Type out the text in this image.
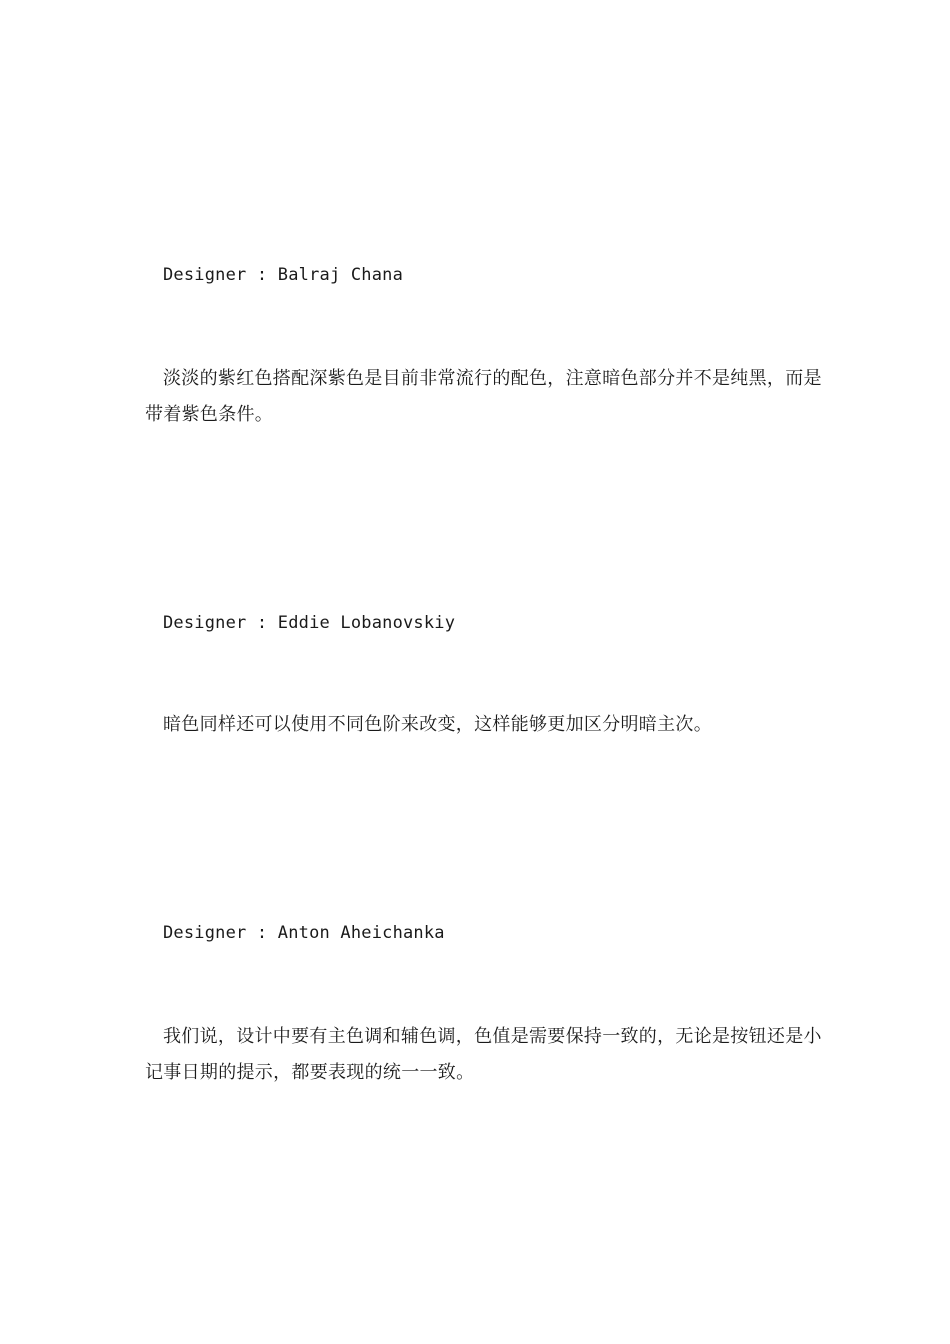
Designer : Balraj Chana

淡淡的紫红色搭配深紫色是目前非常流行的配色，注意暗色部分并不是纯黑，而是带着紫色条件。

Designer : Eddie Lobanovskiy

暗色同样还可以使用不同色阶来改变，这样能够更加区分明暗主次。

Designer : Anton Aheichanka

我们说，设计中要有主色调和辅色调，色值是需要保持一致的，无论是按钮还是小记事日期的提示，都要表现的统一一致。
